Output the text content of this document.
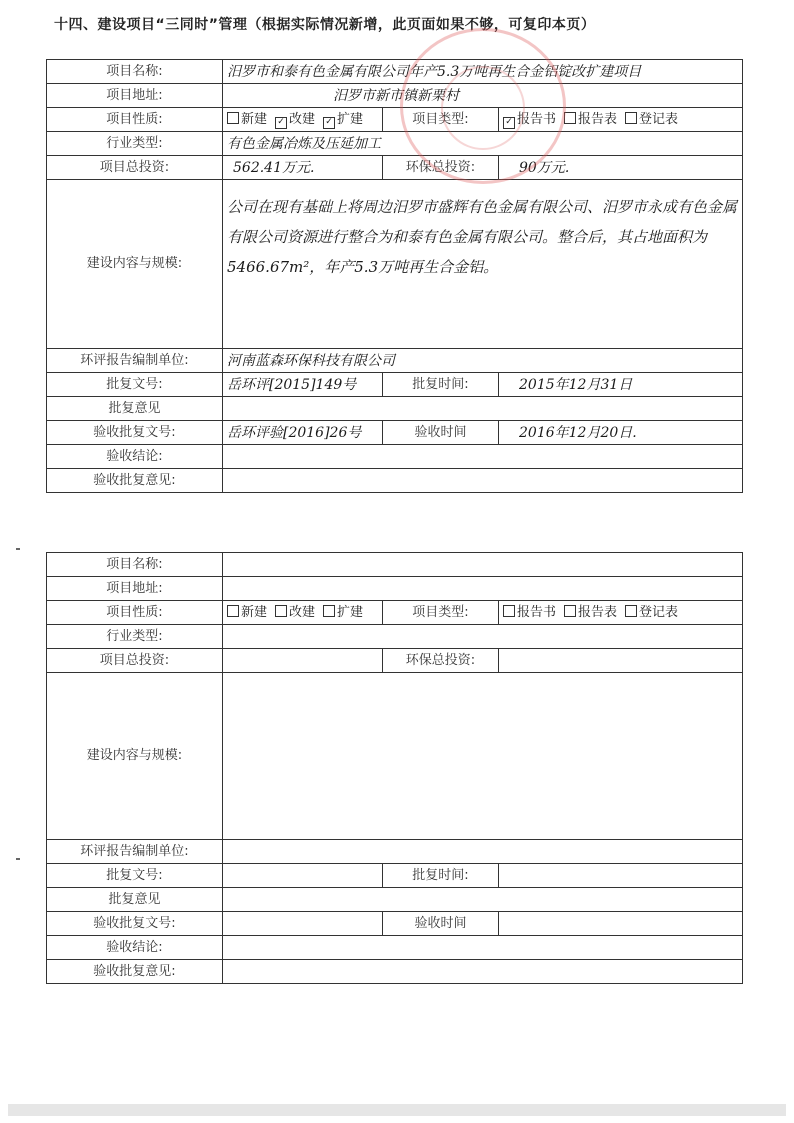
十四、建设项目“三同时”管理（根据实际情况新增，此页面如果不够，可复印本页）
项目名称:	汨罗市和泰有色金属有限公司年产5.3万吨再生合金铝锭改扩建项目		
项目地址:	汨罗市新市镇新栗村		
项目性质:	新建 ✓ 改建 ✓ 扩建	项目类型:	✓ 报告书 报告表 登记表
行业类型:	有色金属冶炼及压延加工		
项目总投资:	562.41万元.	环保总投资:	90万元.
建设内容与规模:	公司在现有基础上将周边汨罗市盛辉有色金属有限公司、汨罗市永成有色金属有限公司资源进行整合为和泰有色金属有限公司。整合后，其占地面积为5466.67m²，年产5.3万吨再生合金铝。		
环评报告编制单位:	河南蓝森环保科技有限公司		
批复文号:	岳环评[2015]149号	批复时间:	2015年12月31日
批复意见			
验收批复文号:	岳环评验[2016]26号	验收时间	2016年12月20日.
验收结论:			
验收批复意见:			
项目名称:			
项目地址:			
项目性质:	新建 改建 扩建	项目类型:	报告书 报告表 登记表
行业类型:			
项目总投资:		环保总投资:	
建设内容与规模:			
环评报告编制单位:			
批复文号:		批复时间:	
批复意见			
验收批复文号:		验收时间	
验收结论:			
验收批复意见:			
